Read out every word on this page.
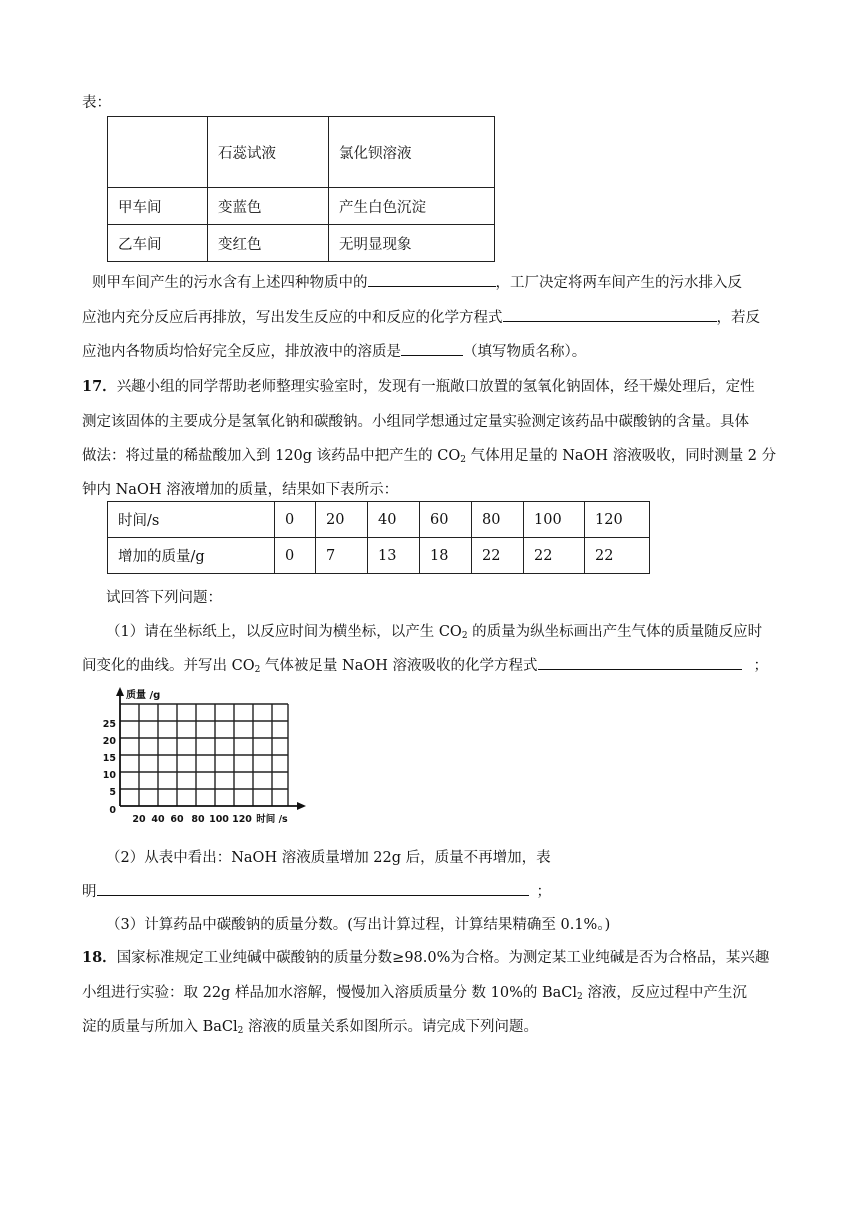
表：
	石蕊试液	氯化钡溶液
甲车间	变蓝色	产生白色沉淀
乙车间	变红色	无明显现象
则甲车间产生的污水含有上述四种物质中的	，工厂决定将两车间产生的污水排入反
应池内充分反应后再排放，写出发生反应的中和反应的化学方程式	，若反
应池内各物质均恰好完全反应，排放液中的溶质是	（填写物质名称）。
17．兴趣小组的同学帮助老师整理实验室时，发现有一瓶敞口放置的氢氧化钠固体，经干燥处理后，定性
测定该固体的主要成分是氢氧化钠和碳酸钠。小组同学想通过定量实验测定该药品中碳酸钠的含量。具体
做法：将过量的稀盐酸加入到 120g 该药品中把产生的 $CO_2$ 气体用足量的 NaOH 溶液吸收，同时测量 2 分
钟内 NaOH 溶液增加的质量，结果如下表所示：
时间/s	0	20	40	60	80	100	120
增加的质量/g	0	7	13	18	22	22	22
试回答下列问题：
（1）请在坐标纸上，以反应时间为横坐标，以产生 $CO_2$ 的质量为纵坐标画出产生气体的质量随反应时
间变化的曲线。并写出 $CO_2$ 气体被足量 NaOH 溶液吸收的化学方程式	；
质量 /g
0
5
10
15
20
25
20 40 60 80 100 120 时间 /s
（2）从表中看出：NaOH 溶液质量增加 22g 后，质量不再增加，表
明	；
（3）计算药品中碳酸钠的质量分数。(写出计算过程，计算结果精确至 0.1%。)
18．国家标准规定工业纯碱中碳酸钠的质量分数≥98.0%为合格。为测定某工业纯碱是否为合格品，某兴趣
小组进行实验：取 22g 样品加水溶解，慢慢加入溶质质量分 数 10%的 BaCl$_2$ 溶液，反应过程中产生沉
淀的质量与所加入 BaCl$_2$ 溶液的质量关系如图所示。请完成下列问题。
